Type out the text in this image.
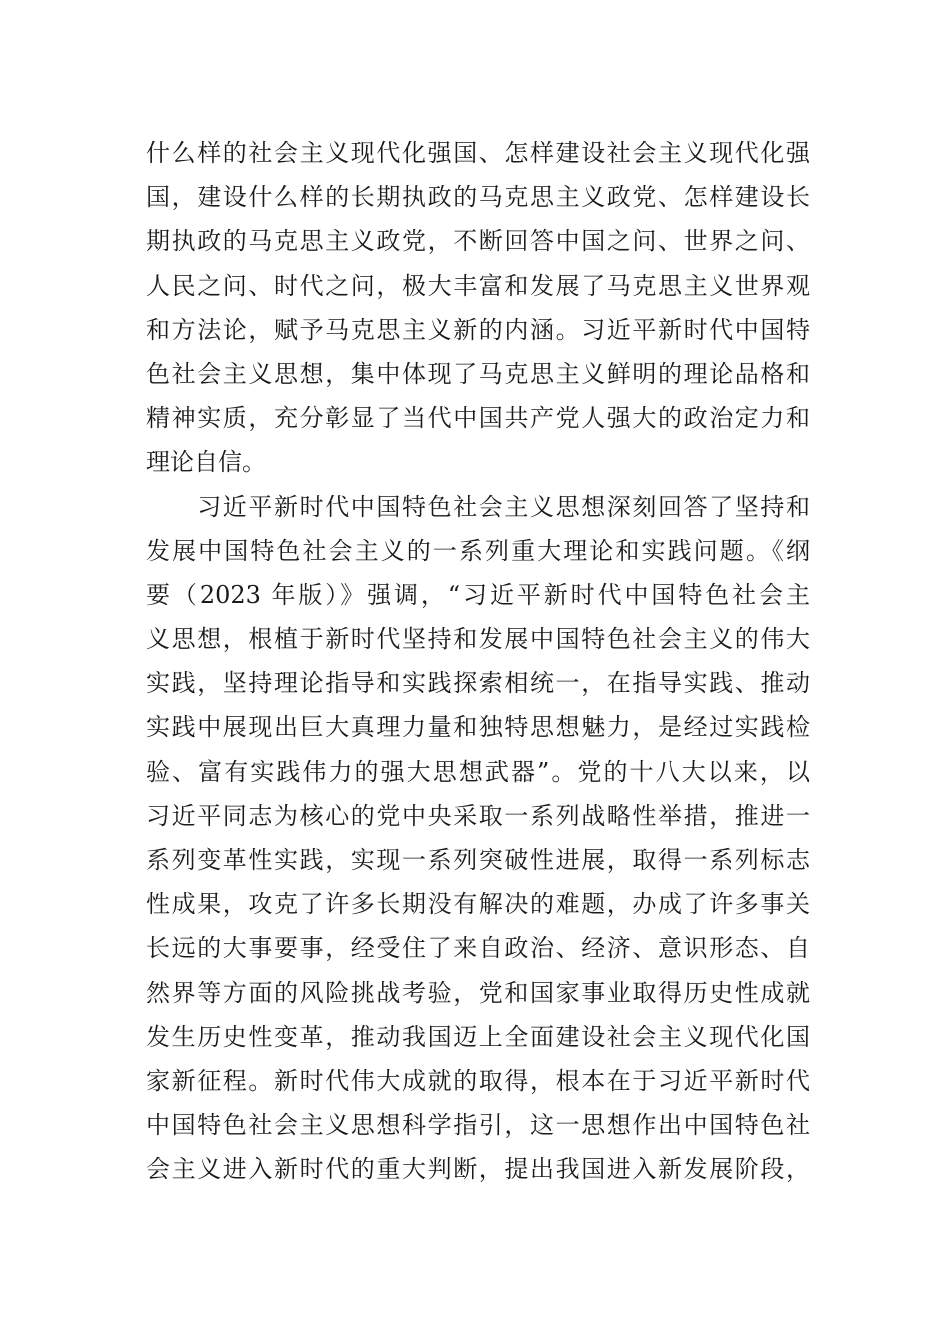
什么样的社会主义现代化强国、怎样建设社会主义现代化强
国，建设什么样的长期执政的马克思主义政党、怎样建设长
期执政的马克思主义政党，不断回答中国之问、世界之问、
人民之问、时代之问，极大丰富和发展了马克思主义世界观
和方法论，赋予马克思主义新的内涵。习近平新时代中国特
色社会主义思想，集中体现了马克思主义鲜明的理论品格和
精神实质，充分彰显了当代中国共产党人强大的政治定力和
理论自信。
　　习近平新时代中国特色社会主义思想深刻回答了坚持和
发展中国特色社会主义的一系列重大理论和实践问题。《纲
要（2023 年版）》强调，“习近平新时代中国特色社会主
义思想，根植于新时代坚持和发展中国特色社会主义的伟大
实践，坚持理论指导和实践探索相统一，在指导实践、推动
实践中展现出巨大真理力量和独特思想魅力，是经过实践检
验、富有实践伟力的强大思想武器”。党的十八大以来，以
习近平同志为核心的党中央采取一系列战略性举措，推进一
系列变革性实践，实现一系列突破性进展，取得一系列标志
性成果，攻克了许多长期没有解决的难题，办成了许多事关
长远的大事要事，经受住了来自政治、经济、意识形态、自
然界等方面的风险挑战考验，党和国家事业取得历史性成就
发生历史性变革，推动我国迈上全面建设社会主义现代化国
家新征程。新时代伟大成就的取得，根本在于习近平新时代
中国特色社会主义思想科学指引，这一思想作出中国特色社
会主义进入新时代的重大判断，提出我国进入新发展阶段，
